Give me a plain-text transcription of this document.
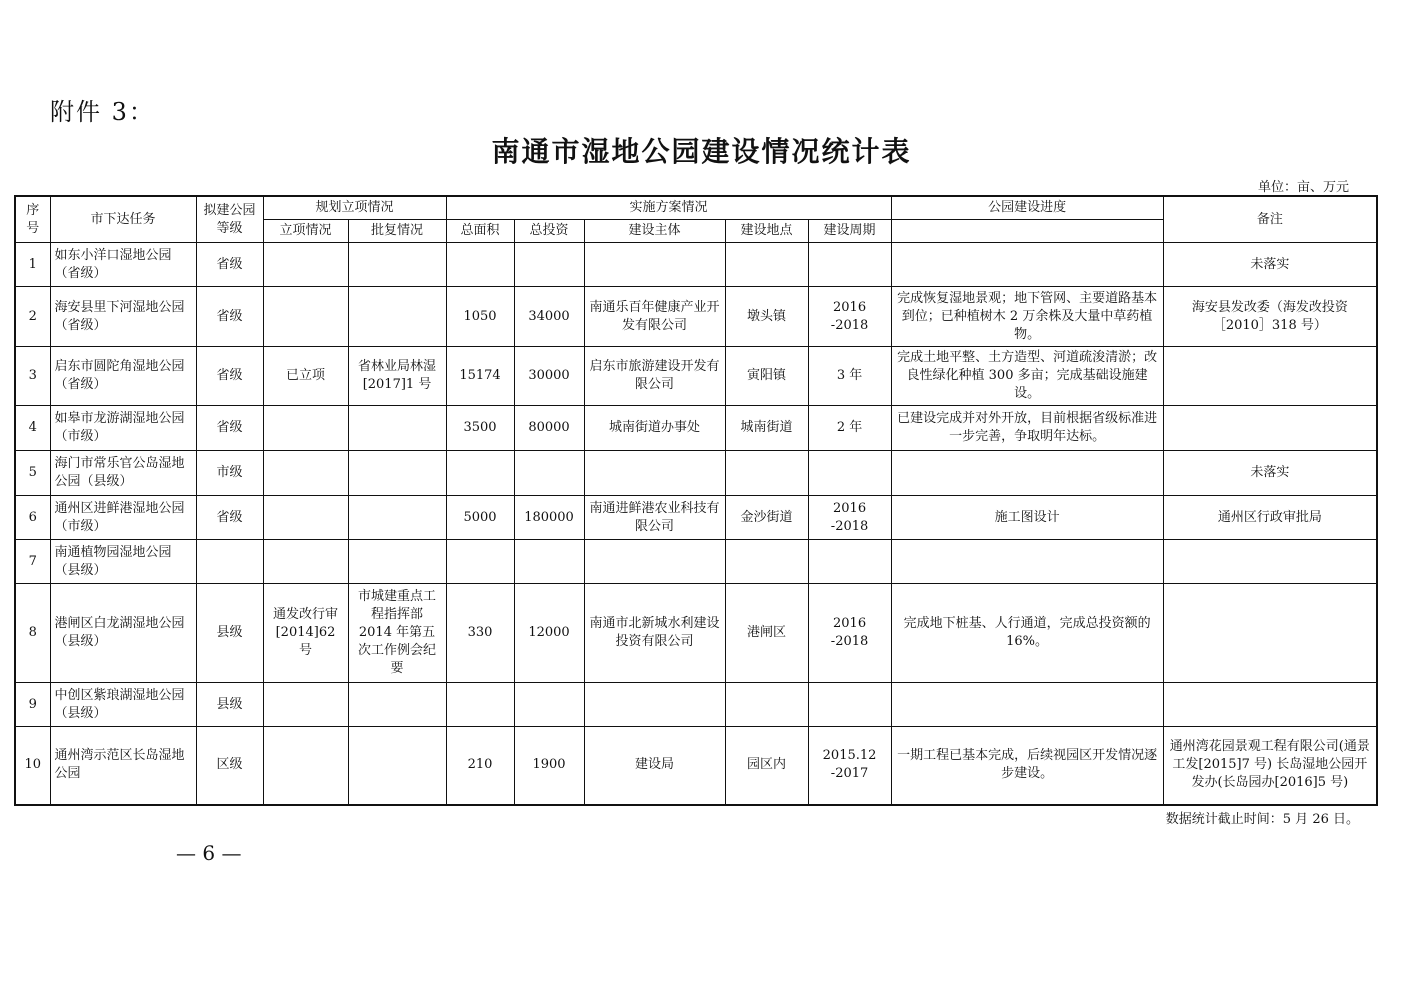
附件 3：
南通市湿地公园建设情况统计表
单位：亩、万元
序号	市下达任务	拟建公园等级	规划立项情况		实施方案情况					公园建设进度	备注
			立项情况	批复情况	总面积	总投资	建设主体	建设地点	建设周期		
1	如东小洋口湿地公园（省级）	省级									未落实
2	海安县里下河湿地公园（省级）	省级			1050	34000	南通乐百年健康产业开发有限公司	墩头镇	2016 -2018	完成恢复湿地景观；地下管网、主要道路基本到位；已种植树木 2 万余株及大量中草药植物。	海安县发改委（海发改投资［2010］318 号）
3	启东市圆陀角湿地公园（省级）	省级	已立项	省林业局林湿[2017]1 号	15174	30000	启东市旅游建设开发有限公司	寅阳镇	3 年	完成土地平整、土方造型、河道疏浚清淤；改良性绿化种植 300 多亩；完成基础设施建设。	
4	如皋市龙游湖湿地公园（市级）	省级			3500	80000	城南街道办事处	城南街道	2 年	已建设完成并对外开放，目前根据省级标准进一步完善，争取明年达标。	
5	海门市常乐官公岛湿地公园（县级）	市级									未落实
6	通州区进鲜港湿地公园（市级）	省级			5000	180000	南通进鲜港农业科技有限公司	金沙街道	2016 -2018	施工图设计	通州区行政审批局
7	南通植物园湿地公园（县级）										
8	港闸区白龙湖湿地公园（县级）	县级	通发改行审[2014]62 号	市城建重点工程指挥部 2014 年第五次工作例会纪要	330	12000	南通市北新城水利建设投资有限公司	港闸区	2016 -2018	完成地下桩基、人行通道，完成总投资额的 16%。	
9	中创区紫琅湖湿地公园（县级）	县级									
10	通州湾示范区长岛湿地公园	区级			210	1900	建设局	园区内	2015.12 -2017	一期工程已基本完成，后续视园区开发情况逐步建设。	通州湾花园景观工程有限公司(通景工发[2015]7 号) 长岛湿地公园开发办(长岛园办[2016]5 号)
数据统计截止时间：5 月 26 日。
— 6 —
